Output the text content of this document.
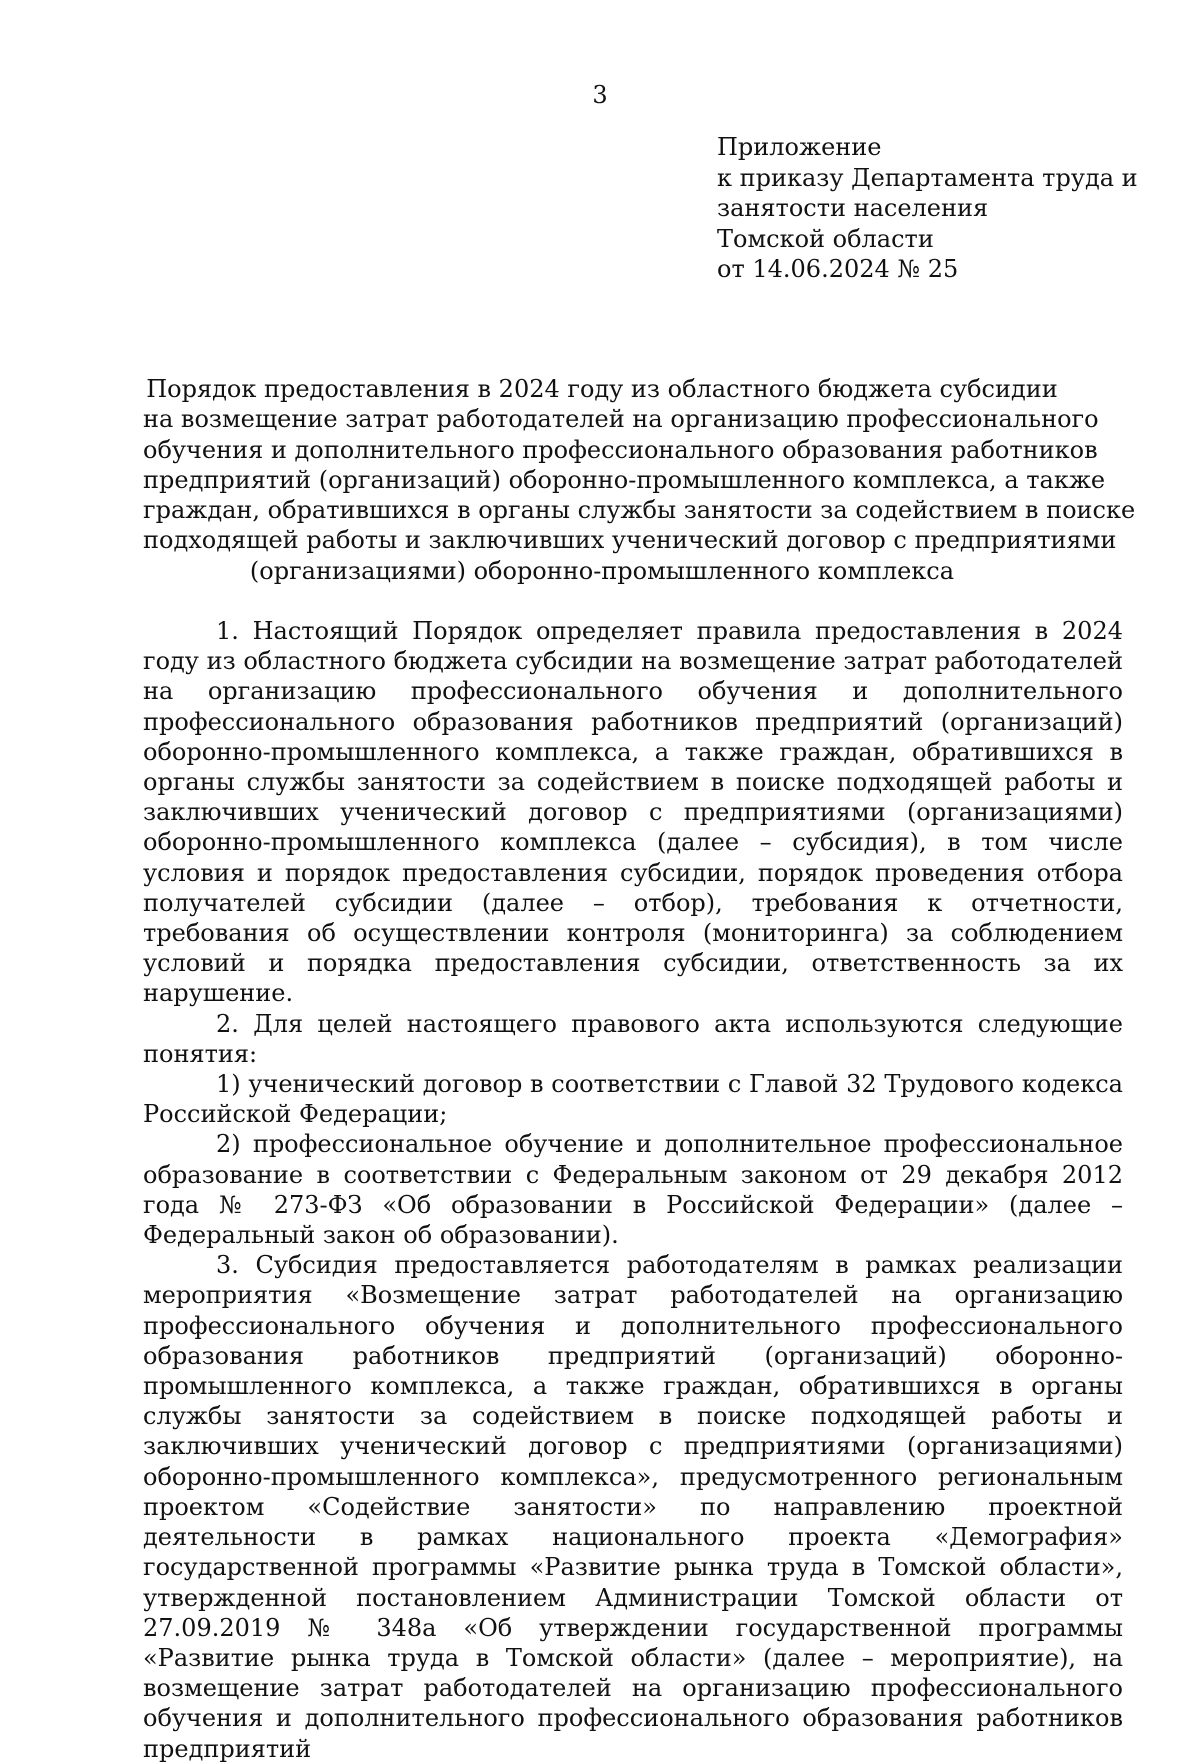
3
Приложение
к приказу Департамента труда и
занятости населения
Томской области
от 14.06.2024 № 25
Порядок предоставления в 2024 году из областного бюджета субсидии
на возмещение затрат работодателей на организацию профессионального
обучения и дополнительного профессионального образования работников
предприятий (организаций) оборонно-промышленного комплекса, а также
граждан, обратившихся в органы службы занятости за содействием в поиске
подходящей работы и заключивших ученический договор с предприятиями
(организациями) оборонно-промышленного комплекса

1. Настоящий Порядок определяет правила предоставления в 2024 году из областного бюджета субсидии на возмещение затрат работодателей на организацию профессионального обучения и дополнительного профессионального образования работников предприятий (организаций) оборонно-промышленного комплекса, а также граждан, обратившихся в органы службы занятости за содействием в поиске подходящей работы и заключивших ученический договор с предприятиями (организациями) оборонно-промышленного комплекса (далее – субсидия), в том числе условия и порядок предоставления субсидии, порядок проведения отбора получателей субсидии (далее – отбор), требования к отчетности, требования об осуществлении контроля (мониторинга) за соблюдением условий и порядка предоставления субсидии, ответственность за их нарушение.

2. Для целей настоящего правового акта используются следующие понятия:

1) ученический договор в соответствии с Главой 32 Трудового кодекса Российской Федерации;

2) профессиональное обучение и дополнительное профессиональное образование в соответствии с Федеральным законом от 29 декабря 2012 года № 273-ФЗ «Об образовании в Российской Федерации» (далее – Федеральный закон об образовании).

3. Субсидия предоставляется работодателям в рамках реализации мероприятия «Возмещение затрат работодателей на организацию профессионального обучения и дополнительного профессионального образования работников предприятий (организаций) оборонно-промышленного комплекса, а также граждан, обратившихся в органы службы занятости за содействием в поиске подходящей работы и заключивших ученический договор с предприятиями (организациями) оборонно-промышленного комплекса», предусмотренного региональным проектом «Содействие занятости» по направлению проектной деятельности в рамках национального проекта «Демография» государственной программы «Развитие рынка труда в Томской области», утвержденной постановлением Администрации Томской области от 27.09.2019 № 348а «Об утверждении государственной программы «Развитие рынка труда в Томской области» (далее – мероприятие), на возмещение затрат работодателей на организацию профессионального обучения и дополнительного профессионального образования работников предприятий
